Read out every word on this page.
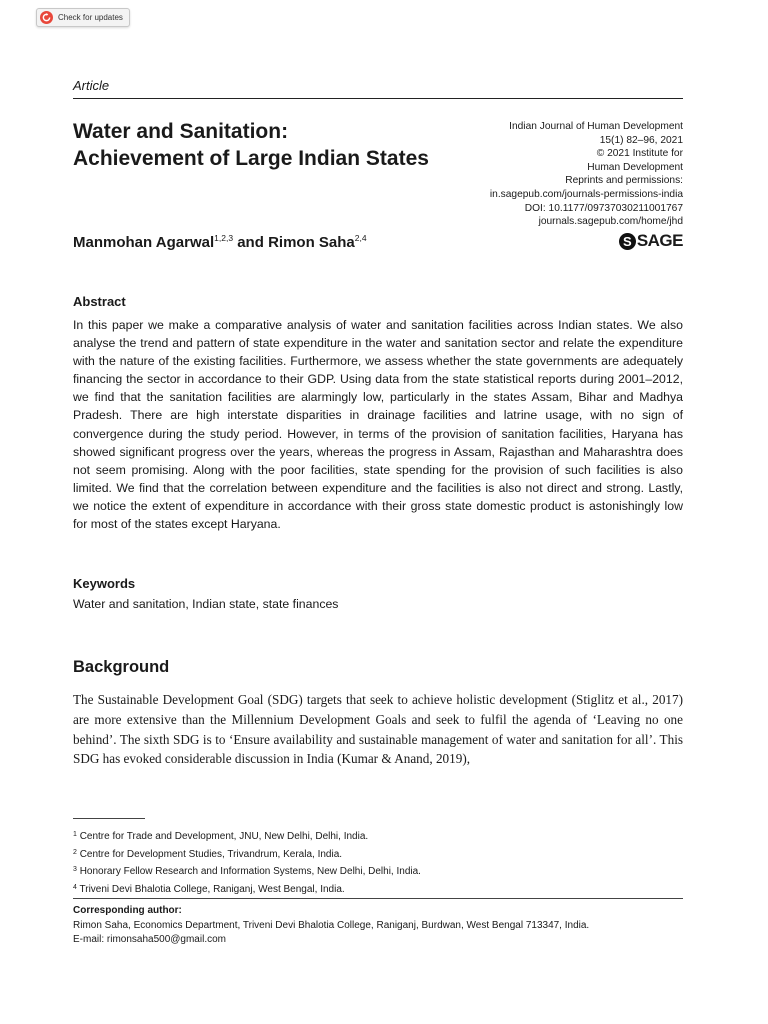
Check for updates
Article
Water and Sanitation:
Achievement of Large Indian States
Indian Journal of Human Development
15(1) 82–96, 2021
© 2021 Institute for
Human Development
Reprints and permissions:
in.sagepub.com/journals-permissions-india
DOI: 10.1177/09737030211001767
journals.sagepub.com/home/jhd
S SAGE
Manmohan Agarwal$^{1,2,3}$ and Rimon Saha$^{2,4}$
Abstract
In this paper we make a comparative analysis of water and sanitation facilities across Indian states. We also analyse the trend and pattern of state expenditure in the water and sanitation sector and relate the expenditure with the nature of the existing facilities. Furthermore, we assess whether the state governments are adequately financing the sector in accordance to their GDP. Using data from the state statistical reports during 2001–2012, we find that the sanitation facilities are alarmingly low, particularly in the states Assam, Bihar and Madhya Pradesh. There are high interstate disparities in drainage facilities and latrine usage, with no sign of convergence during the study period. However, in terms of the provision of sanitation facilities, Haryana has showed significant progress over the years, whereas the progress in Assam, Rajasthan and Maharashtra does not seem promising. Along with the poor facilities, state spending for the provision of such facilities is also limited. We find that the correlation between expenditure and the facilities is also not direct and strong. Lastly, we notice the extent of expenditure in accordance with their gross state domestic product is astonishingly low for most of the states except Haryana.
Keywords
Water and sanitation, Indian state, state finances
Background
The Sustainable Development Goal (SDG) targets that seek to achieve holistic development (Stiglitz et al., 2017) are more extensive than the Millennium Development Goals and seek to fulfil the agenda of ‘Leaving no one behind’. The sixth SDG is to ‘Ensure availability and sustainable management of water and sanitation for all’. This SDG has evoked considerable discussion in India (Kumar & Anand, 2019),
$^1$ Centre for Trade and Development, JNU, New Delhi, Delhi, India.
$^2$ Centre for Development Studies, Trivandrum, Kerala, India.
$^3$ Honorary Fellow Research and Information Systems, New Delhi, Delhi, India.
$^4$ Triveni Devi Bhalotia College, Raniganj, West Bengal, India.
Corresponding author:
Rimon Saha, Economics Department, Triveni Devi Bhalotia College, Raniganj, Burdwan, West Bengal 713347, India.
E-mail: rimonsaha500@gmail.com
